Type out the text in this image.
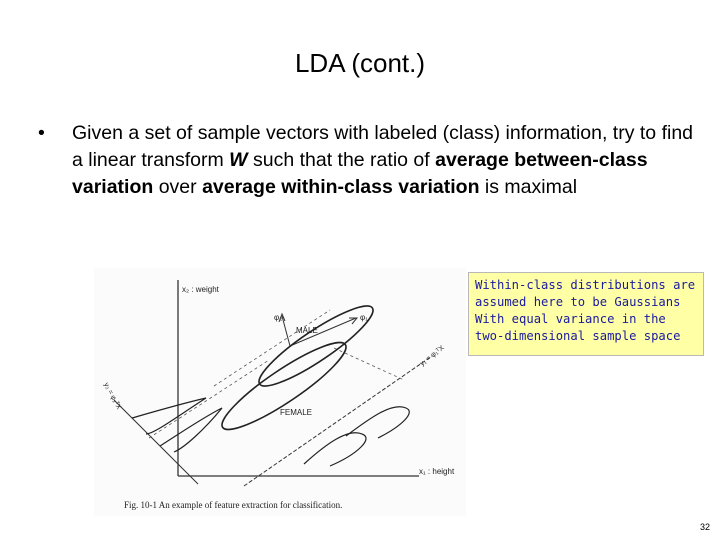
LDA (cont.)
• Given a set of sample vectors with labeled (class) information, try to find a linear transform W such that the ratio of average between-class variation over average within-class variation is maximal
x₂ : weight
x₁ : height
φ₂	φ₁
y₁ = φ₁ᵀX
y₂ = φ₂ᵀX
MALE
FEMALE
Fig. 10-1 An example of feature extraction for classification.
Within-class distributions are
assumed here to be Gaussians
With equal variance in the
two-dimensional sample space
32
